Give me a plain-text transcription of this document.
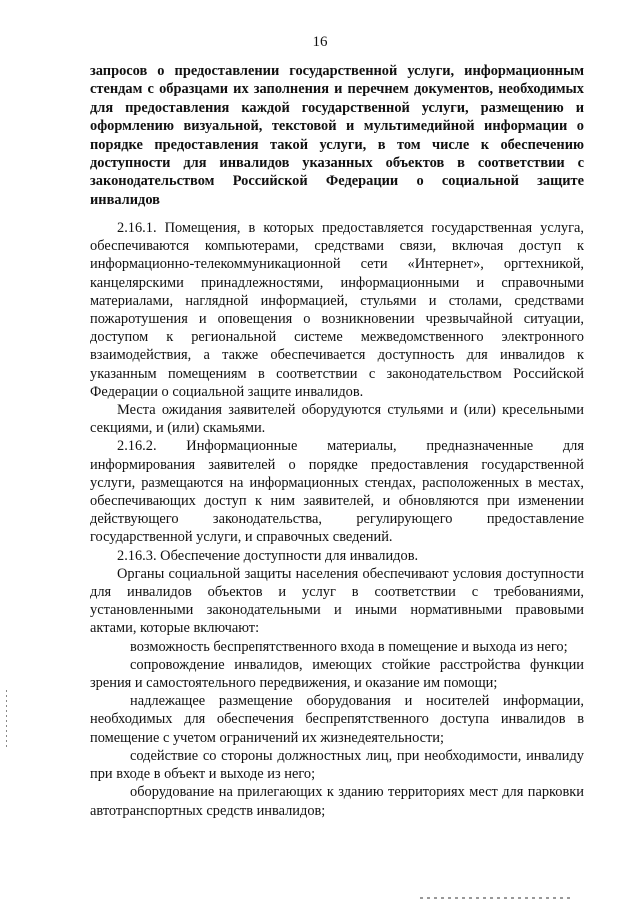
16
запросов о предоставлении государственной услуги, информационным стендам с образцами их заполнения и перечнем документов, необходимых для предоставления каждой государственной услуги, размещению и оформлению визуальной, текстовой и мультимедийной информации о порядке предоставления такой услуги, в том числе к обеспечению доступности для инвалидов указанных объектов в соответствии с законодательством Российской Федерации о социальной защите инвалидов

2.16.1. Помещения, в которых предоставляется государственная услуга, обеспечиваются компьютерами, средствами связи, включая доступ к информационно-телекоммуникационной сети «Интернет», оргтехникой, канцелярскими принадлежностями, информационными и справочными материалами, наглядной информацией, стульями и столами, средствами пожаротушения и оповещения о возникновении чрезвычайной ситуации, доступом к региональной системе межведомственного электронного взаимодействия, а также обеспечивается доступность для инвалидов к указанным помещениям в соответствии с законодательством Российской Федерации о социальной защите инвалидов.

Места ожидания заявителей оборудуются стульями и (или) кресельными секциями, и (или) скамьями.

2.16.2. Информационные материалы, предназначенные для информирования заявителей о порядке предоставления государственной услуги, размещаются на информационных стендах, расположенных в местах, обеспечивающих доступ к ним заявителей, и обновляются при изменении действующего законодательства, регулирующего предоставление государственной услуги, и справочных сведений.

2.16.3. Обеспечение доступности для инвалидов.

Органы социальной защиты населения обеспечивают условия доступности для инвалидов объектов и услуг в соответствии с требованиями, установленными законодательными и иными нормативными правовыми актами, которые включают:

возможность беспрепятственного входа в помещение и выхода из него;

сопровождение инвалидов, имеющих стойкие расстройства функции зрения и самостоятельного передвижения, и оказание им помощи;

надлежащее размещение оборудования и носителей информации, необходимых для обеспечения беспрепятственного доступа инвалидов в помещение с учетом ограничений их жизнедеятельности;

содействие со стороны должностных лиц, при необходимости, инвалиду при входе в объект и выходе из него;

оборудование на прилегающих к зданию территориях мест для парковки автотранспортных средств инвалидов;
